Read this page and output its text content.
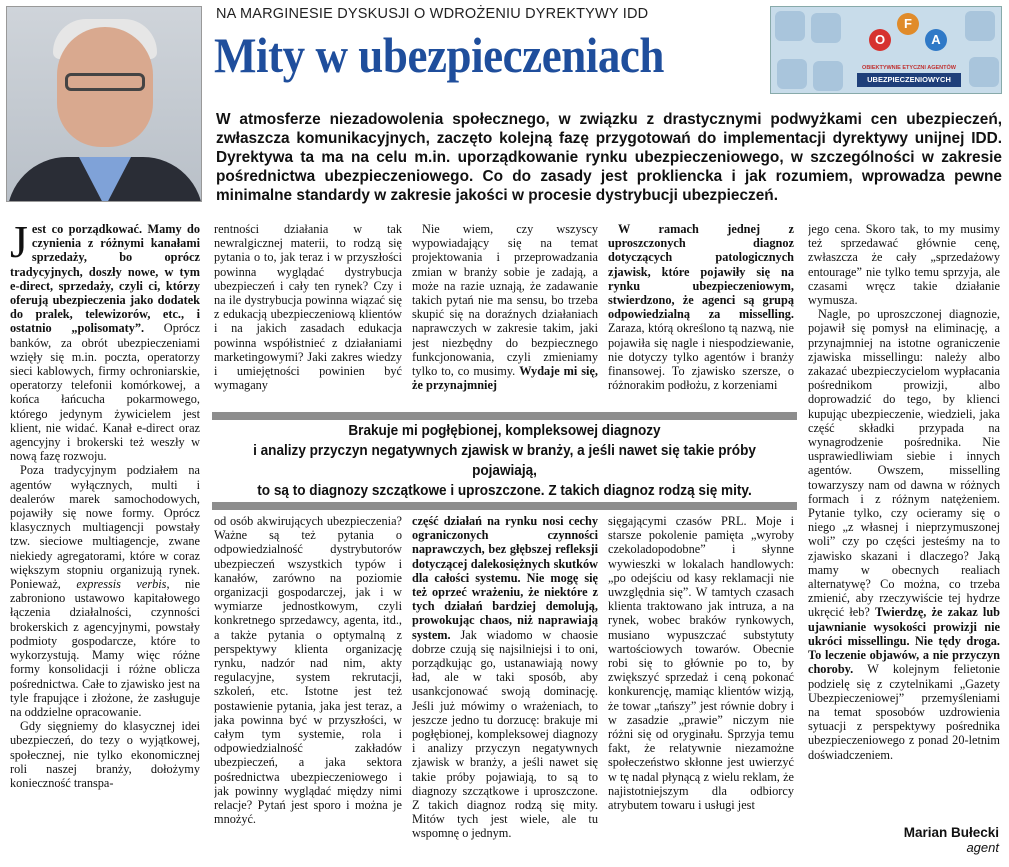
NA MARGINESIE DYSKUSJI O WDROŻENIU DYREKTYWY IDD
Mity w ubezpieczeniach	O
F
A
OBIEKTYWNIE ETYCZNI AGENTÓW
UBEZPIECZENIOWYCH
W atmosferze niezadowolenia społecznego, w związku z drastycznymi podwyżkami cen ubezpieczeń, zwłaszcza komunikacyjnych, zaczęto kolejną fazę przygotowań do implementacji dyrektywy unijnej IDD. Dyrektywa ta ma na celu m.in. uporządkowanie rynku ubezpieczeniowego, w szczególności w zakresie pośrednictwa ubezpieczeniowego. Co do zasady jest prokliencka i jak rozumiem, wprowadza pewne minimalne standardy w zakresie jakości w procesie dystrybucji ubezpieczeń.

Jest co porządkować. Mamy do czynienia z różnymi kanałami sprzedaży, bo oprócz tradycyjnych, doszły nowe, w tym e-direct, sprzedaży, czyli ci, którzy oferują ubezpieczenia jako dodatek do pralek, telewizorów, etc., i ostatnio „polisomaty”. Oprócz banków, za obrót ubezpieczeniami wzięły się m.in. poczta, operatorzy sieci kablowych, firmy ochroniarskie, operatorzy telefonii komórkowej, a końca łańcucha pokarmowego, którego jedynym żywicielem jest klient, nie widać. Kanał e-direct oraz agencyjny i brokerski też weszły w nową fazę rozwoju.

Poza tradycyjnym podziałem na agentów wyłącznych, multi i dealerów marek samochodowych, pojawiły się nowe formy. Oprócz klasycznych multiagencji powstały tzw. sieciowe multiagencje, zwane niekiedy agregatorami, które w coraz większym stopniu organizują rynek. Ponieważ, expressis verbis, nie zabroniono ustawowo kapitałowego łączenia działalności, czynności brokerskich z agencyjnymi, powstały podmioty gospodarcze, które to wykorzystują. Mamy więc różne formy konsolidacji i różne oblicza pośrednictwa. Całe to zjawisko jest na tyle frapujące i złożone, że zasługuje na oddzielne opracowanie.

Gdy sięgniemy do klasycznej idei ubezpieczeń, do tezy o wyjątkowej, społecznej, nie tylko ekonomicznej roli naszej branży, dołożymy konieczność transpa-

rentności działania w tak newralgicznej materii, to rodzą się pytania o to, jak teraz i w przyszłości powinna wyglądać dystrybucja ubezpieczeń i cały ten rynek? Czy i na ile dystrybucja powinna wiązać się z edukacją ubezpieczeniową klientów i na jakich zasadach edukacja powinna współistnieć z działaniami marketingowymi? Jaki zakres wiedzy i umiejętności powinien być wymagany

Nie wiem, czy wszyscy wypowiadający się na temat projektowania i przeprowadzania zmian w branży sobie je zadają, a może na razie uznają, że zadawanie takich pytań nie ma sensu, bo trzeba skupić się na doraźnych działaniach naprawczych w zakresie takim, jaki jest niezbędny do bezpiecznego funkcjonowania, czyli zmieniamy tylko to, co musimy. Wydaje mi się, że przynajmniej

W ramach jednej z uproszczonych diagnoz dotyczących patologicznych zjawisk, które pojawiły się na rynku ubezpieczeniowym, stwierdzono, że agenci są grupą odpowiedzialną za misselling. Zaraza, którą określono tą nazwą, nie pojawiła się nagle i niespodziewanie, nie dotyczy tylko agentów i branży finansowej. To zjawisko szersze, o różnorakim podłożu, z korzeniami

Brakuje mi pogłębionej, kompleksowej diagnozy
i analizy przyczyn negatywnych zjawisk w branży, a jeśli nawet się takie próby pojawiają,
to są to diagnozy szczątkowe i uproszczone. Z takich diagnoz rodzą się mity.

od osób akwirujących ubezpieczenia? Ważne są też pytania o odpowiedzialność dystrybutorów ubezpieczeń wszystkich typów i kanałów, zarówno na poziomie organizacji gospodarczej, jak i w wymiarze jednostkowym, czyli konkretnego sprzedawcy, agenta, itd., a także pytania o optymalną z perspektywy klienta organizację rynku, nadzór nad nim, akty regulacyjne, system rekrutacji, szkoleń, etc. Istotne jest też postawienie pytania, jaka jest teraz, a jaka powinna być w przyszłości, w całym tym systemie, rola i odpowiedzialność zakładów ubezpieczeń, a jaka sektora pośrednictwa ubezpieczeniowego i jak powinny wyglądać między nimi relacje? Pytań jest sporo i można je mnożyć.

część działań na rynku nosi cechy ograniczonych czynności naprawczych, bez głębszej refleksji dotyczącej dalekosiężnych skutków dla całości systemu. Nie mogę się też oprzeć wrażeniu, że niektóre z tych działań bardziej demolują, prowokując chaos, niż naprawiają system. Jak wiadomo w chaosie dobrze czują się najsilniejsi i to oni, porządkując go, ustanawiają nowy ład, ale w taki sposób, aby usankcjonować swoją dominację. Jeśli już mówimy o wrażeniach, to jeszcze jedno tu dorzucę: brakuje mi pogłębionej, kompleksowej diagnozy i analizy przyczyn negatywnych zjawisk w branży, a jeśli nawet się takie próby pojawiają, to są to diagnozy szczątkowe i uproszczone. Z takich diagnoz rodzą się mity. Mitów tych jest wiele, ale tu wspomnę o jednym.

sięgającymi czasów PRL. Moje i starsze pokolenie pamięta „wyroby czekoladopodobne” i słynne wywieszki w lokalach handlowych: „po odejściu od kasy reklamacji nie uwzględnia się”. W tamtych czasach klienta traktowano jak intruza, a na rynek, wobec braków rynkowych, musiano wypuszczać substytuty wartościowych towarów. Obecnie robi się to głównie po to, by zwiększyć sprzedaż i ceną pokonać konkurencję, mamiąc klientów wizją, że towar „tańszy” jest równie dobry i w zasadzie „prawie” niczym nie różni się od oryginału. Sprzyja temu fakt, że relatywnie niezamożne społeczeństwo skłonne jest uwierzyć w tę nadal płynącą z wielu reklam, że najistotniejszym dla odbiorcy atrybutem towaru i usługi jest

jego cena. Skoro tak, to my musimy też sprzedawać głównie cenę, zwłaszcza że cały „sprzedażowy entourage” nie tylko temu sprzyja, ale czasami wręcz takie działanie wymusza.

Nagle, po uproszczonej diagnozie, pojawił się pomysł na eliminację, a przynajmniej na istotne ograniczenie zjawiska missellingu: należy albo zakazać ubezpieczycielom wypłacania pośrednikom prowizji, albo doprowadzić do tego, by klienci kupując ubezpieczenie, wiedzieli, jaka część składki przypada na wynagrodzenie pośrednika. Nie usprawiedliwiam siebie i innych agentów. Owszem, misselling towarzyszy nam od dawna w różnych formach i z różnym natężeniem. Pytanie tylko, czy ocieramy się o niego „z własnej i nieprzymuszonej woli” czy po części jesteśmy na to zjawisko skazani i dlaczego? Jaką mamy w obecnych realiach alternatywę? Co można, co trzeba zmienić, aby rzeczywiście tej hydrze ukręcić łeb? Twierdzę, że zakaz lub ujawnianie wysokości prowizji nie ukróci missellingu. Nie tędy droga. To leczenie objawów, a nie przyczyn choroby. W kolejnym felietonie podzielę się z czytelnikami „Gazety Ubezpieczeniowej” przemyśleniami na temat sposobów uzdrowienia sytuacji z perspektywy pośrednika ubezpieczeniowego z ponad 20-letnim doświadczeniem.

Marian Bułecki
agent
